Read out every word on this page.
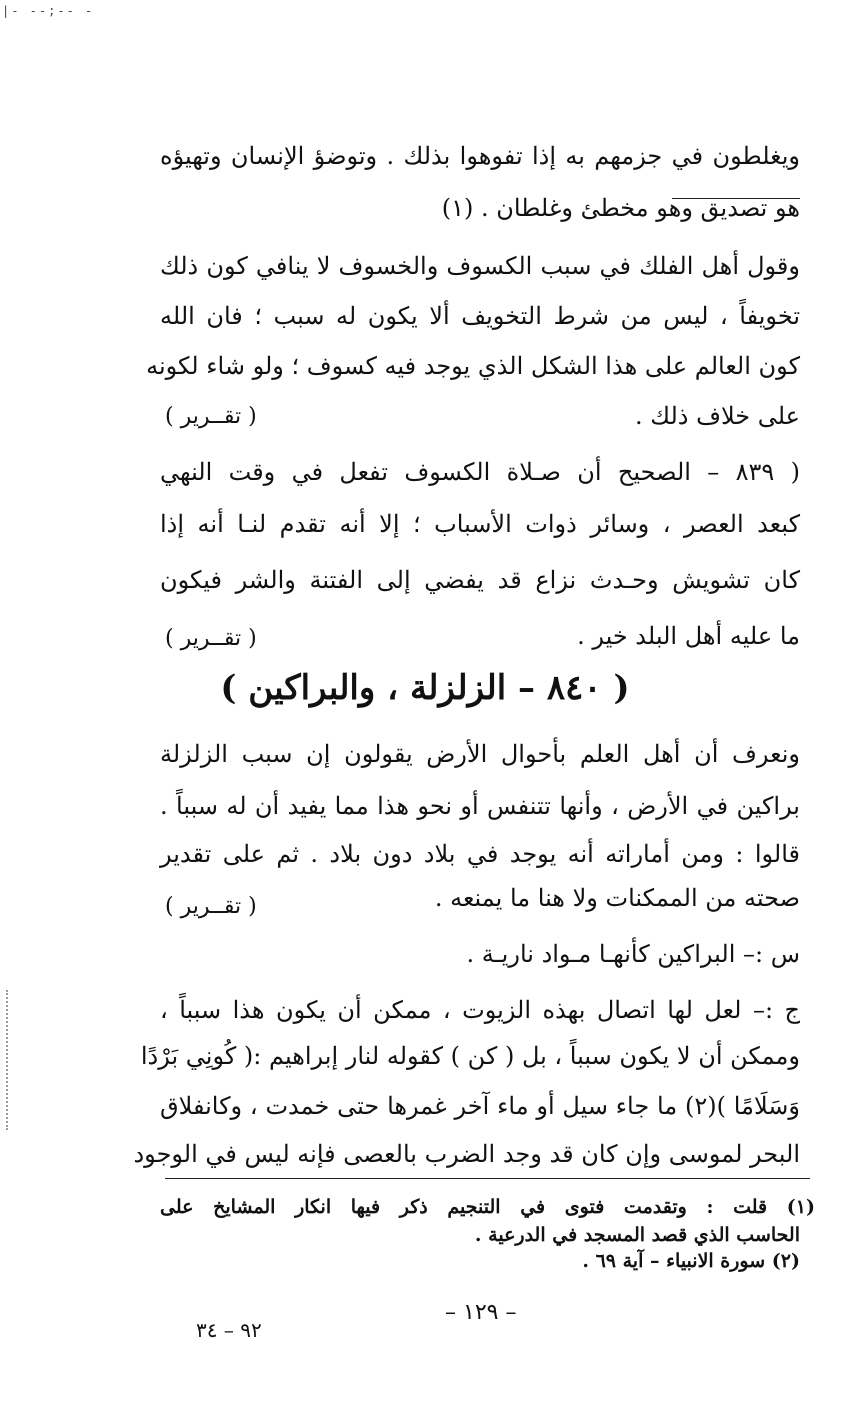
|‑ ‑‑;‑‑ ‑
ويغلطون في جزمهم به إذا تفوهوا بذلك . وتوضؤ الإنسان وتهيؤه
هو تصديق وهو مخطئ وغلطان . (١)
وقول أهل الفلك في سبب الكسوف والخسوف لا ينافي كون ذلك
تخويفاً ، ليس من شرط التخويف ألا يكون له سبب ؛ فان الله
كون العالم على هذا الشكل الذي يوجد فيه كسوف ؛ ولو شاء لكونه
على خلاف ذلك .
( تقــرير )
( ٨٣٩ – الصحيح أن صـلاة الكسوف تفعل في وقت النهي
كبعد العصر ، وسائر ذوات الأسباب ؛ إلا أنه تقدم لنـا أنه إذا
كان تشويش وحـدث نزاع قد يفضي إلى الفتنة والشر فيكون
ما عليه أهل البلد خير .
( تقــرير )
( ٨٤٠ – الزلزلة ، والبراكين )
ونعرف أن أهل العلم بأحوال الأرض يقولون إن سبب الزلزلة
براكين في الأرض ، وأنها تتنفس أو نحو هذا مما يفيد أن له سبباً .
قالوا : ومن أماراته أنه يوجد في بلاد دون بلاد . ثم على تقدير
صحته من الممكنات ولا هنا ما يمنعه .
( تقــرير )
س :– البراكين كأنهـا مـواد ناريـة .
ج :– لعل لها اتصال بهذه الزيوت ، ممكن أن يكون هذا سبباً ،
وممكن أن لا يكون سبباً ، بل ( كن ) كقوله لنار إبراهيم :( كُونِي بَرْدًا
وَسَلَامًا )(٢) ما جاء سيل أو ماء آخر غمرها حتى خمدت ، وكانفلاق
البحر لموسى وإن كان قد وجد الضرب بالعصى فإنه ليس في الوجود
(١) قلت : وتقدمت فتوى في التنجيم ذكر فيها انكار المشايخ على
الحاسب الذي قصد المسجد في الدرعية .
(٢) سورة الانبياء – آية ٦٩ .
– ١٢٩ –
٩٢ – ٣٤
